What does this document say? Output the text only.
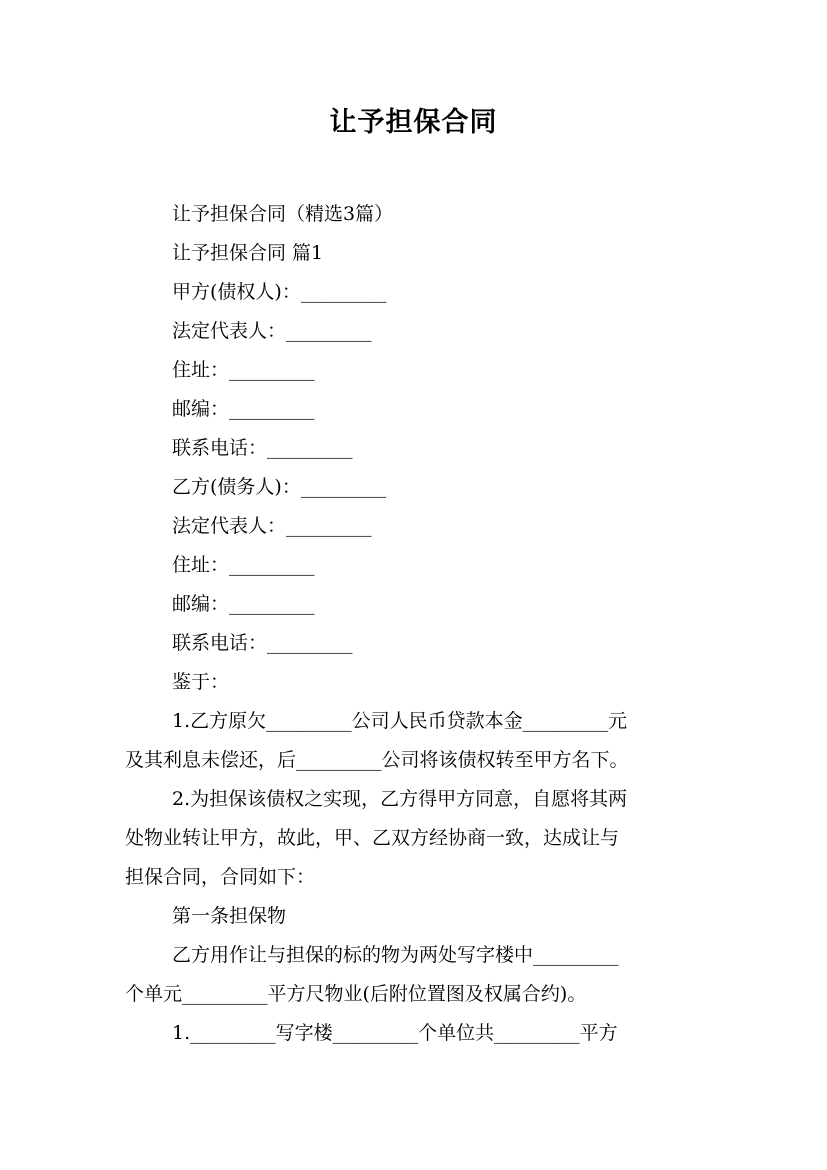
让予担保合同
让予担保合同（精选3篇）
让予担保合同 篇1
甲方(债权人)：_________
法定代表人：_________
住址：_________
邮编：_________
联系电话：_________
乙方(债务人)：_________
法定代表人：_________
住址：_________
邮编：_________
联系电话：_________
鉴于：
1.乙方原欠_________公司人民币贷款本金_________元
及其利息未偿还，后_________公司将该债权转至甲方名下。
2.为担保该债权之实现，乙方得甲方同意，自愿将其两
处物业转让甲方，故此，甲、乙双方经协商一致，达成让与
担保合同，合同如下：
第一条担保物
乙方用作让与担保的标的物为两处写字楼中_________
个单元_________平方尺物业(后附位置图及权属合约)。
1._________写字楼_________个单位共_________平方
